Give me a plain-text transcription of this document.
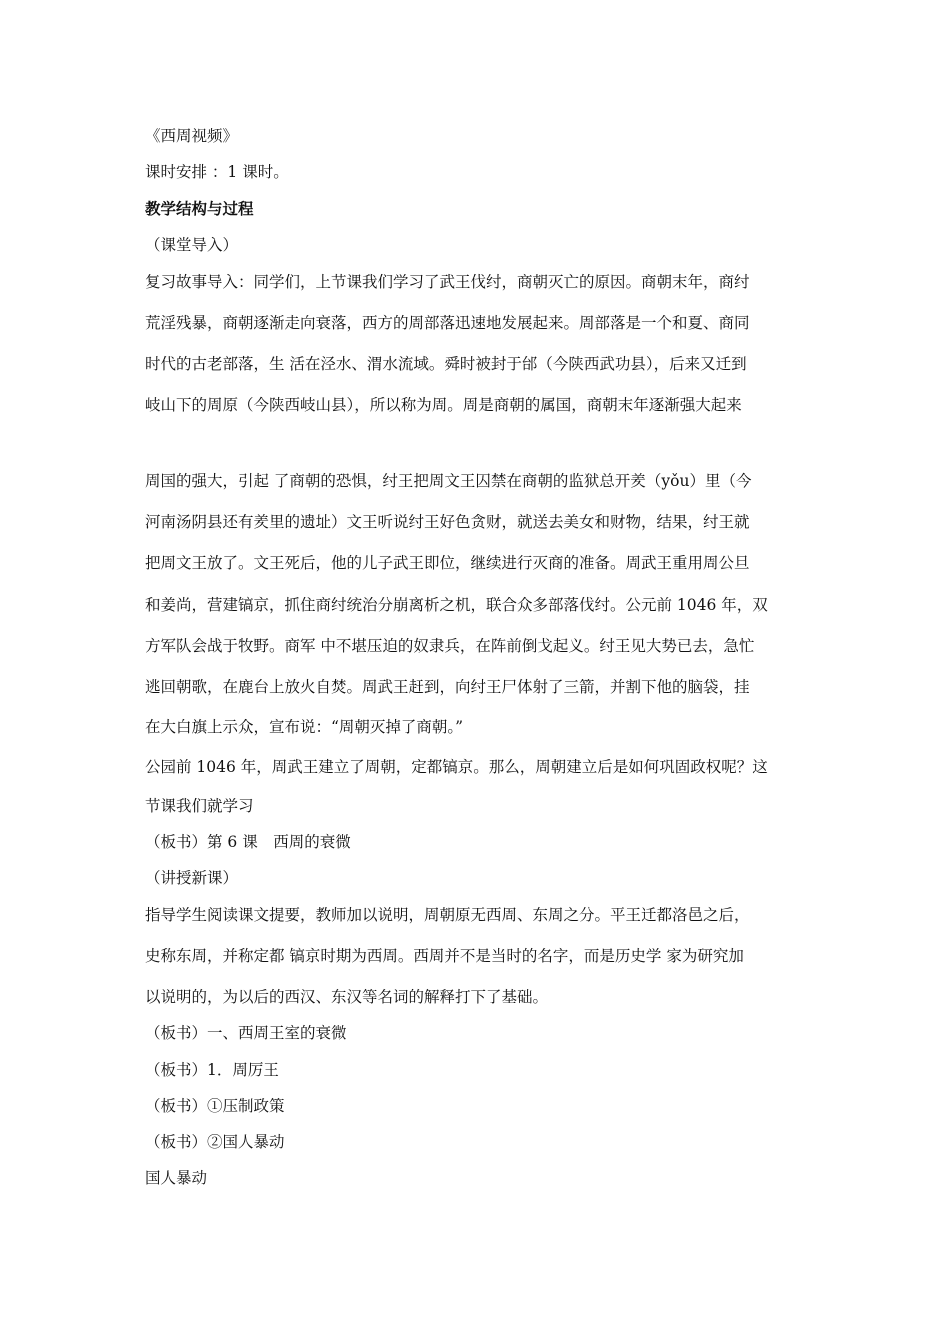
《西周视频》
课时安排 ：1 课时。
教学结构与过程
（课堂导入）
复习故事导入：同学们，上节课我们学习了武王伐纣，商朝灭亡的原因。商朝末年，商纣
荒淫残暴，商朝逐渐走向衰落，西方的周部落迅速地发展起来。周部落是一个和夏、商同
时代的古老部落，生 活在泾水、渭水流域。舜时被封于邰（今陕西武功县），后来又迁到
岐山下的周原（今陕西岐山县），所以称为周。周是商朝的属国，商朝末年逐渐强大起来
周国的强大，引起 了商朝的恐惧，纣王把周文王囚禁在商朝的监狱总开羑（yǒu）里（今
河南汤阴县还有羑里的遗址）文王听说纣王好色贪财，就送去美女和财物，结果，纣王就
把周文王放了。文王死后，他的儿子武王即位，继续进行灭商的准备。周武王重用周公旦
和姜尚，营建镐京，抓住商纣统治分崩离析之机，联合众多部落伐纣。公元前 1046 年，双
方军队会战于牧野。商军 中不堪压迫的奴隶兵，在阵前倒戈起义。纣王见大势已去，急忙
逃回朝歌，在鹿台上放火自焚。周武王赶到，向纣王尸体射了三箭，并割下他的脑袋，挂
在大白旗上示众，宣布说：“周朝灭掉了商朝。”
公园前 1046 年，周武王建立了周朝，定都镐京。那么，周朝建立后是如何巩固政权呢？这
节课我们就学习
（板书）第 6 课　西周的衰微
（讲授新课）
指导学生阅读课文提要，教师加以说明，周朝原无西周、东周之分。平王迁都洛邑之后，
史称东周，并称定都 镐京时期为西周。西周并不是当时的名字，而是历史学 家为研究加
以说明的，为以后的西汉、东汉等名词的解释打下了基础。
（板书）一、西周王室的衰微
（板书）1．周厉王
（板书）①压制政策
（板书）②国人暴动
国人暴动
